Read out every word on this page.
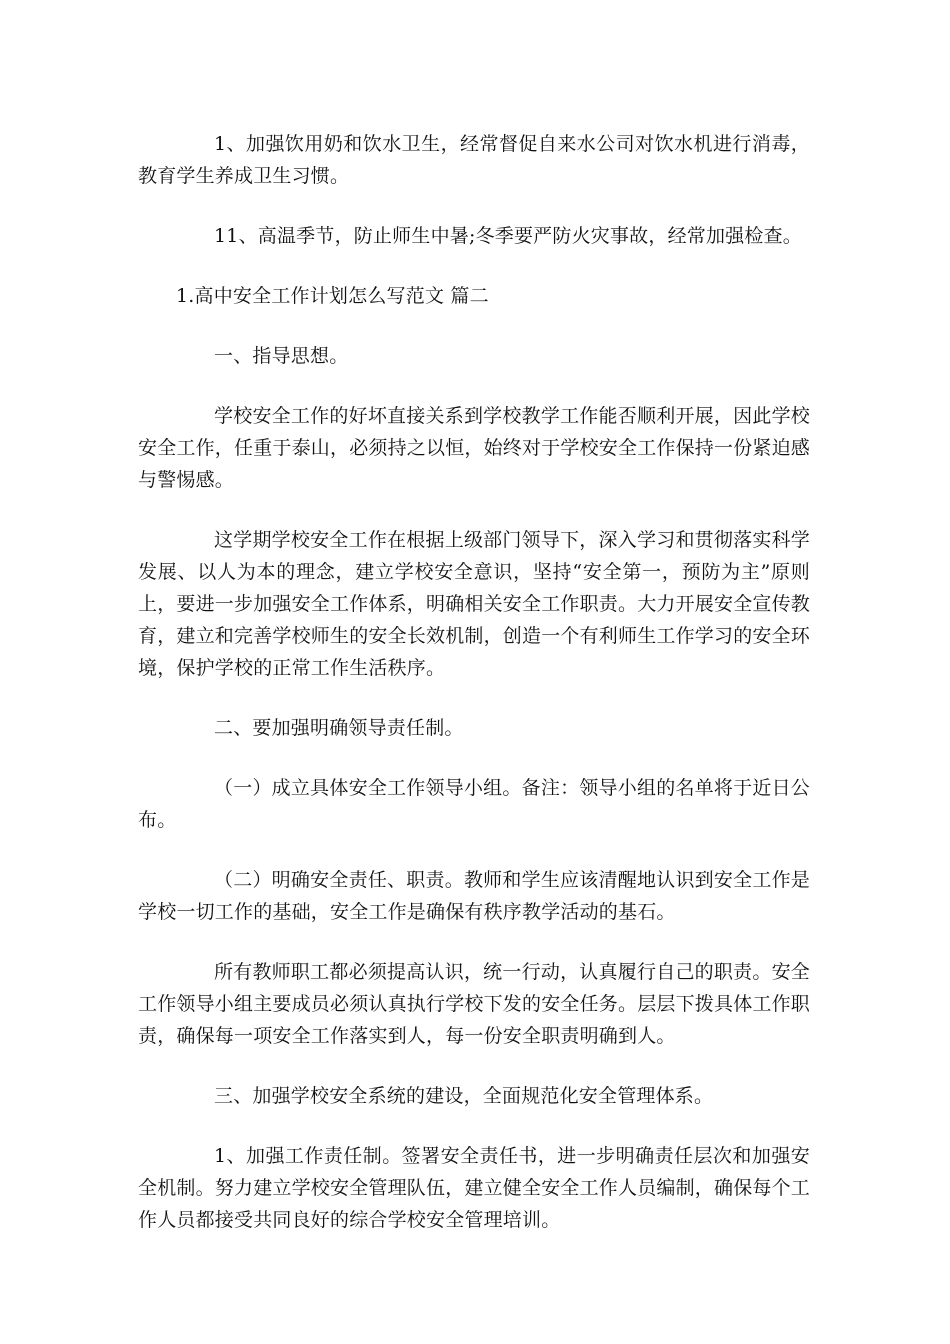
1、加强饮用奶和饮水卫生，经常督促自来水公司对饮水机进行消毒，教育学生养成卫生习惯。

11、高温季节，防止师生中暑;冬季要严防火灾事故，经常加强检查。

1.高中安全工作计划怎么写范文 篇二

一、指导思想。

学校安全工作的好坏直接关系到学校教学工作能否顺利开展，因此学校安全工作，任重于泰山，必须持之以恒，始终对于学校安全工作保持一份紧迫感与警惕感。

这学期学校安全工作在根据上级部门领导下，深入学习和贯彻落实科学发展、以人为本的理念，建立学校安全意识，坚持“安全第一，预防为主”原则上，要进一步加强安全工作体系，明确相关安全工作职责。大力开展安全宣传教育，建立和完善学校师生的安全长效机制，创造一个有利师生工作学习的安全环境，保护学校的正常工作生活秩序。

二、要加强明确领导责任制。

（一）成立具体安全工作领导小组。备注：领导小组的名单将于近日公布。

（二）明确安全责任、职责。教师和学生应该清醒地认识到安全工作是学校一切工作的基础，安全工作是确保有秩序教学活动的基石。

所有教师职工都必须提高认识，统一行动，认真履行自己的职责。安全工作领导小组主要成员必须认真执行学校下发的安全任务。层层下拨具体工作职责，确保每一项安全工作落实到人，每一份安全职责明确到人。

三、加强学校安全系统的建设，全面规范化安全管理体系。

1、加强工作责任制。签署安全责任书，进一步明确责任层次和加强安全机制。努力建立学校安全管理队伍，建立健全安全工作人员编制，确保每个工作人员都接受共同良好的综合学校安全管理培训。
